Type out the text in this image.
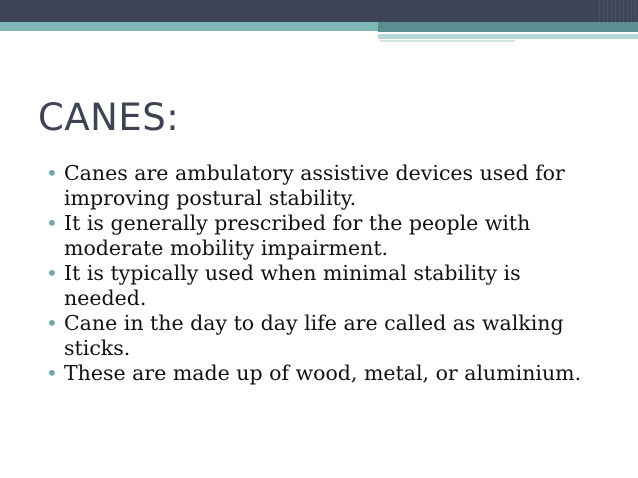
CANES:
• Canes are ambulatory assistive devices used for improving postural stability.
• It is generally prescribed for the people with moderate mobility impairment.
• It is typically used when minimal stability is needed.
• Cane in the day to day life are called as walking sticks.
• These are made up of wood, metal, or aluminium.
